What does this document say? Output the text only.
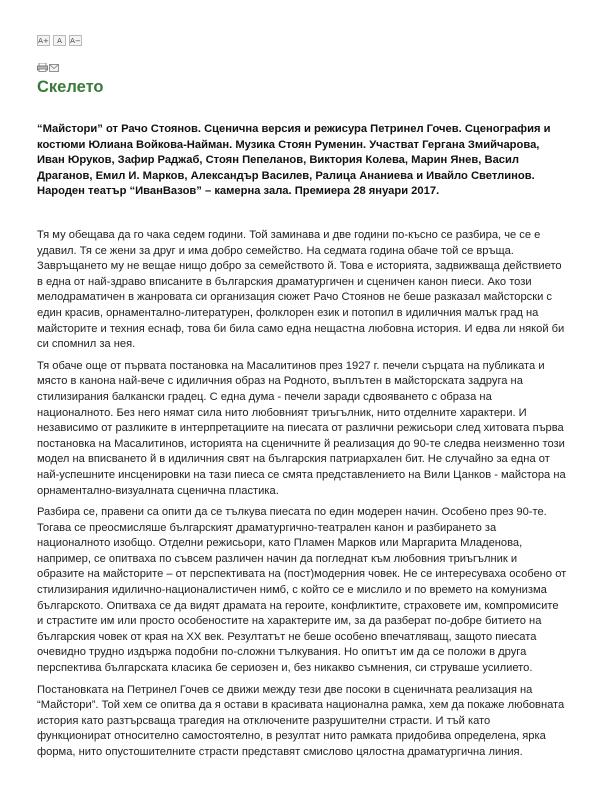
A+	A	A−
Скелето

“Майстори” от Рачо Стоянов. Сценична версия и режисура Петринел Гочев. Сценография и костюми Юлиана Войкова-Найман. Музика Стоян Руменин. Участват Гергана Змийчарова, Иван Юруков, Зафир Раджаб, Стоян Пепеланов, Виктория Колева, Марин Янев, Васил Драганов, Емил И. Марков, Александър Василев, Ралица Ананиева и Ивайло Светлинов. Народен театър “ИванВазов” – камерна зала. Премиера 28 януари 2017.

Тя му обещава да го чака седем години. Той заминава и две години по-късно се разбира, че се е удавил. Тя се жени за друг и има добро семейство. На седмата година обаче той се връща. Завръщането му не вещае нищо добро за семейството й. Това е историята, задвижваща действието в една от най-здраво вписаните в българския драматургичен и сценичен канон пиеси. Ако този мелодраматичен в жанровата си организация сюжет Рачо Стоянов не беше разказал майсторски с един красив, орнаментално-литературен, фолклорен език и потопил в идиличния малък град на майсторите и техния еснаф, това би била само една нещастна любовна история. И едва ли някой би си спомнил за нея.

Тя обаче още от първата постановка на Масалитинов през 1927 г. печели сърцата на публиката и място в канона най-вече с идиличния образ на Родното, въплътен в майсторската задруга на стилизирания балкански градец. С една дума - печели заради сдвояването с образа на националното. Без него нямат сила нито любовният триъгълник, нито отделните характери. И независимо от разликите в интерпретациите на пиесата от различни режисьори след хитовата първа постановка на Масалитинов, историята на сценичните й реализация до 90-те следва неизменно този модел на вписването й в идиличния свят на българския патриархален бит. Не случайно за една от най-успешните инсценировки на тази пиеса се смята представлението на Вили Цанков - майстора на орнаментално-визуалната сценична пластика.

Разбира се, правени са опити да се тълкува пиесата по един модерен начин. Особено през 90-те. Тогава се преосмисляше българският драматургично-театрален канон и разбирането за националното изобщо. Отделни режисьори, като Пламен Марков или Маргарита Младенова, например, се опитваха по съвсем различен начин да погледнат към любовния триъгълник и образите на майсторите – от перспективата на (пост)модерния човек. Не се интересуваха особено от стилизирания идилично-националистичен нимб, с който се е мислило и по времето на комунизма българското. Опитваха се да видят драмата на героите, конфликтите, страховете им, компромисите и страстите им или просто особеностите на характерите им, за да разберат по-добре битието на българския човек от края на XX век. Резултатът не беше особено впечатляващ, защото пиесата очевидно трудно издържа подобни по-сложни тълкувания. Но опитът им да се положи в друга перспектива българската класика бе сериозен и, без никакво съмнения, си струваше усилието.

Постановката на Петринел Гочев се движи между тези две посоки в сценичната реализация на “Майстори”. Той хем се опитва да я остави в красивата национална рамка, хем да покаже любовната история като разтърсваща трагедия на отключените разрушителни страсти. И тъй като функционират относително самостоятелно, в резултат нито рамката придобива определена, ярка форма, нито опустошителните страсти представят смислово цялостна драматургична линия.
